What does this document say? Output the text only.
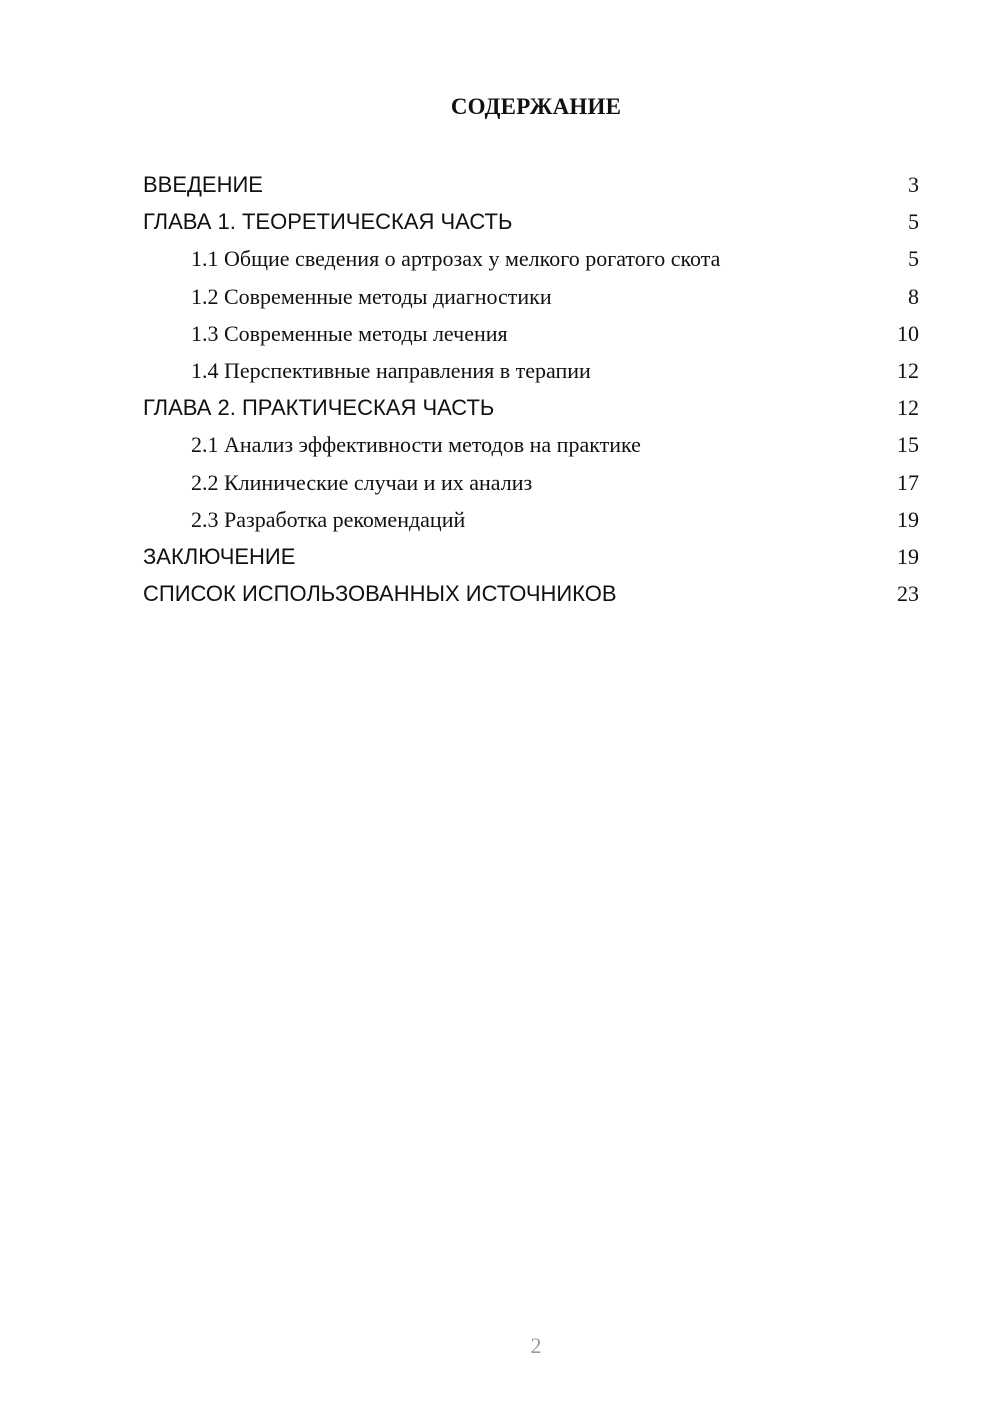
СОДЕРЖАНИЕ
ВВЕДЕНИЕ	3
ГЛАВА 1. ТЕОРЕТИЧЕСКАЯ ЧАСТЬ	5
1.1 Общие сведения о артрозах у мелкого рогатого скота	5
1.2 Современные методы диагностики	8
1.3 Современные методы лечения	10
1.4 Перспективные направления в терапии	12
ГЛАВА 2. ПРАКТИЧЕСКАЯ ЧАСТЬ	12
2.1 Анализ эффективности методов на практике	15
2.2 Клинические случаи и их анализ	17
2.3 Разработка рекомендаций	19
ЗАКЛЮЧЕНИЕ	19
СПИСОК ИСПОЛЬЗОВАННЫХ ИСТОЧНИКОВ	23
2
